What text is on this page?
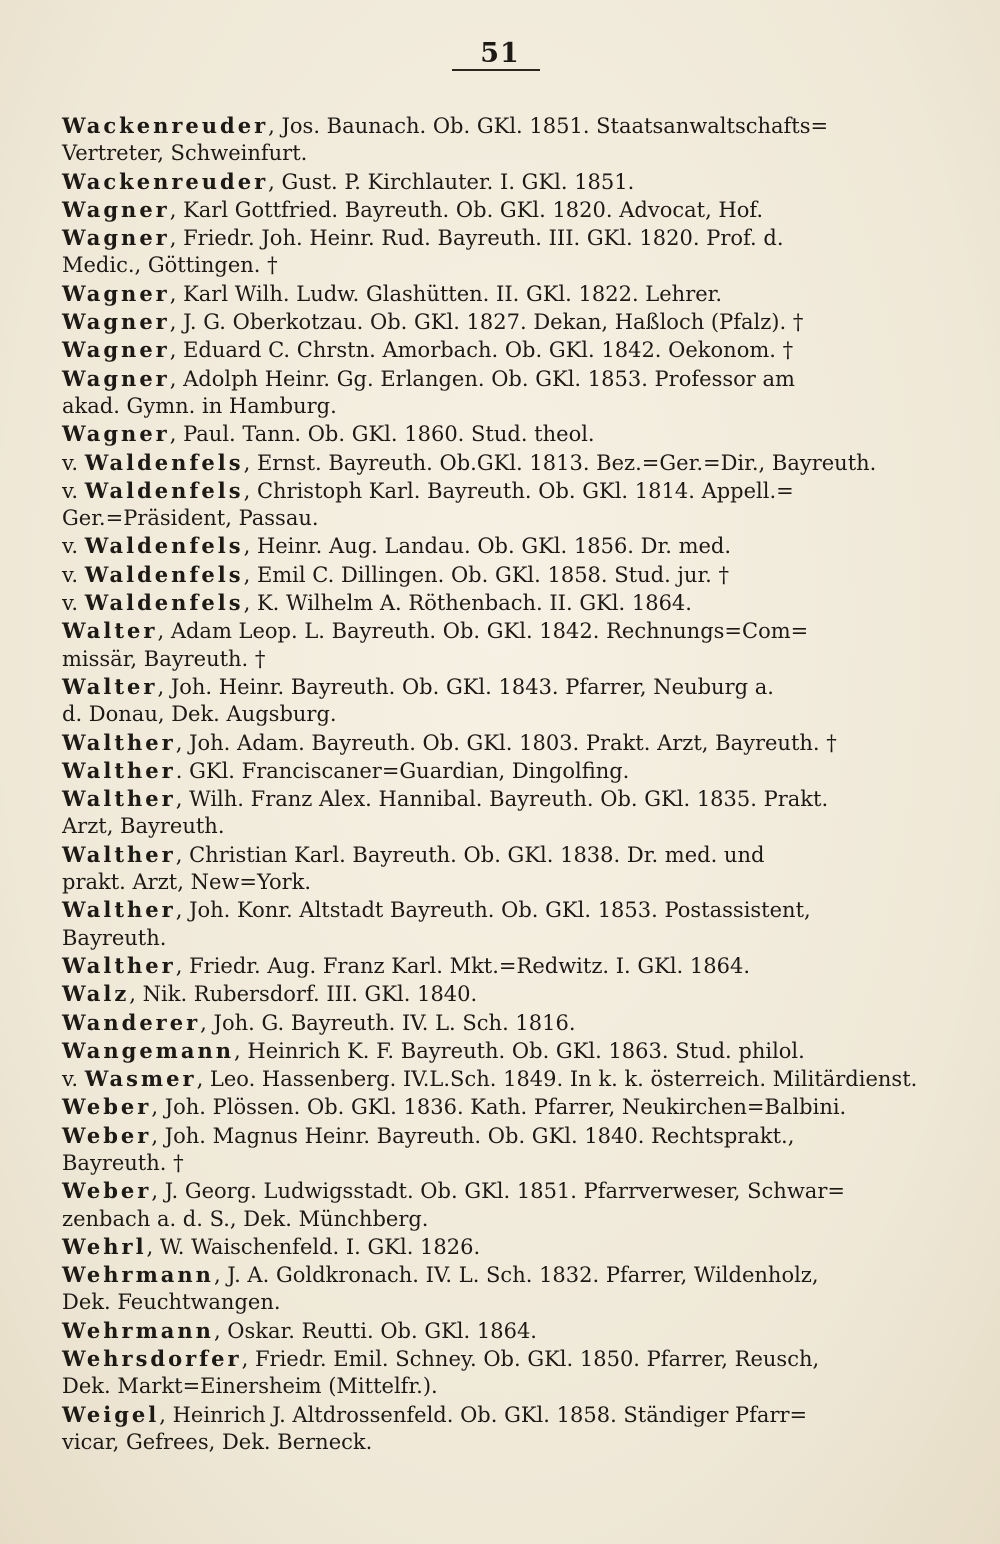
51
Wackenreuder, Jos. Baunach. Ob. GKl. 1851. Staatsanwaltschafts=
Vertreter, Schweinfurt.
Wackenreuder, Gust. P. Kirchlauter. I. GKl. 1851.
Wagner, Karl Gottfried. Bayreuth. Ob. GKl. 1820. Advocat, Hof.
Wagner, Friedr. Joh. Heinr. Rud. Bayreuth. III. GKl. 1820. Prof. d.
Medic., Göttingen. †
Wagner, Karl Wilh. Ludw. Glashütten. II. GKl. 1822. Lehrer.
Wagner, J. G. Oberkotzau. Ob. GKl. 1827. Dekan, Haßloch (Pfalz). †
Wagner, Eduard C. Chrstn. Amorbach. Ob. GKl. 1842. Oekonom. †
Wagner, Adolph Heinr. Gg. Erlangen. Ob. GKl. 1853. Professor am
akad. Gymn. in Hamburg.
Wagner, Paul. Tann. Ob. GKl. 1860. Stud. theol.
v. Waldenfels, Ernst. Bayreuth. Ob.GKl. 1813. Bez.=Ger.=Dir., Bayreuth.
v. Waldenfels, Christoph Karl. Bayreuth. Ob. GKl. 1814. Appell.=
Ger.=Präsident, Passau.
v. Waldenfels, Heinr. Aug. Landau. Ob. GKl. 1856. Dr. med.
v. Waldenfels, Emil C. Dillingen. Ob. GKl. 1858. Stud. jur. †
v. Waldenfels, K. Wilhelm A. Röthenbach. II. GKl. 1864.
Walter, Adam Leop. L. Bayreuth. Ob. GKl. 1842. Rechnungs=Com=
missär, Bayreuth. †
Walter, Joh. Heinr. Bayreuth. Ob. GKl. 1843. Pfarrer, Neuburg a.
d. Donau, Dek. Augsburg.
Walther, Joh. Adam. Bayreuth. Ob. GKl. 1803. Prakt. Arzt, Bayreuth. †
Walther. GKl. Franciscaner=Guardian, Dingolfing.
Walther, Wilh. Franz Alex. Hannibal. Bayreuth. Ob. GKl. 1835. Prakt.
Arzt, Bayreuth.
Walther, Christian Karl. Bayreuth. Ob. GKl. 1838. Dr. med. und
prakt. Arzt, New=York.
Walther, Joh. Konr. Altstadt Bayreuth. Ob. GKl. 1853. Postassistent,
Bayreuth.
Walther, Friedr. Aug. Franz Karl. Mkt.=Redwitz. I. GKl. 1864.
Walz, Nik. Rubersdorf. III. GKl. 1840.
Wanderer, Joh. G. Bayreuth. IV. L. Sch. 1816.
Wangemann, Heinrich K. F. Bayreuth. Ob. GKl. 1863. Stud. philol.
v. Wasmer, Leo. Hassenberg. IV.L.Sch. 1849. In k. k. österreich. Militärdienst.
Weber, Joh. Plössen. Ob. GKl. 1836. Kath. Pfarrer, Neukirchen=Balbini.
Weber, Joh. Magnus Heinr. Bayreuth. Ob. GKl. 1840. Rechtsprakt.,
Bayreuth. †
Weber, J. Georg. Ludwigsstadt. Ob. GKl. 1851. Pfarrverweser, Schwar=
zenbach a. d. S., Dek. Münchberg.
Wehrl, W. Waischenfeld. I. GKl. 1826.
Wehrmann, J. A. Goldkronach. IV. L. Sch. 1832. Pfarrer, Wildenholz,
Dek. Feuchtwangen.
Wehrmann, Oskar. Reutti. Ob. GKl. 1864.
Wehrsdorfer, Friedr. Emil. Schney. Ob. GKl. 1850. Pfarrer, Reusch,
Dek. Markt=Einersheim (Mittelfr.).
Weigel, Heinrich J. Altdrossenfeld. Ob. GKl. 1858. Ständiger Pfarr=
vicar, Gefrees, Dek. Berneck.
